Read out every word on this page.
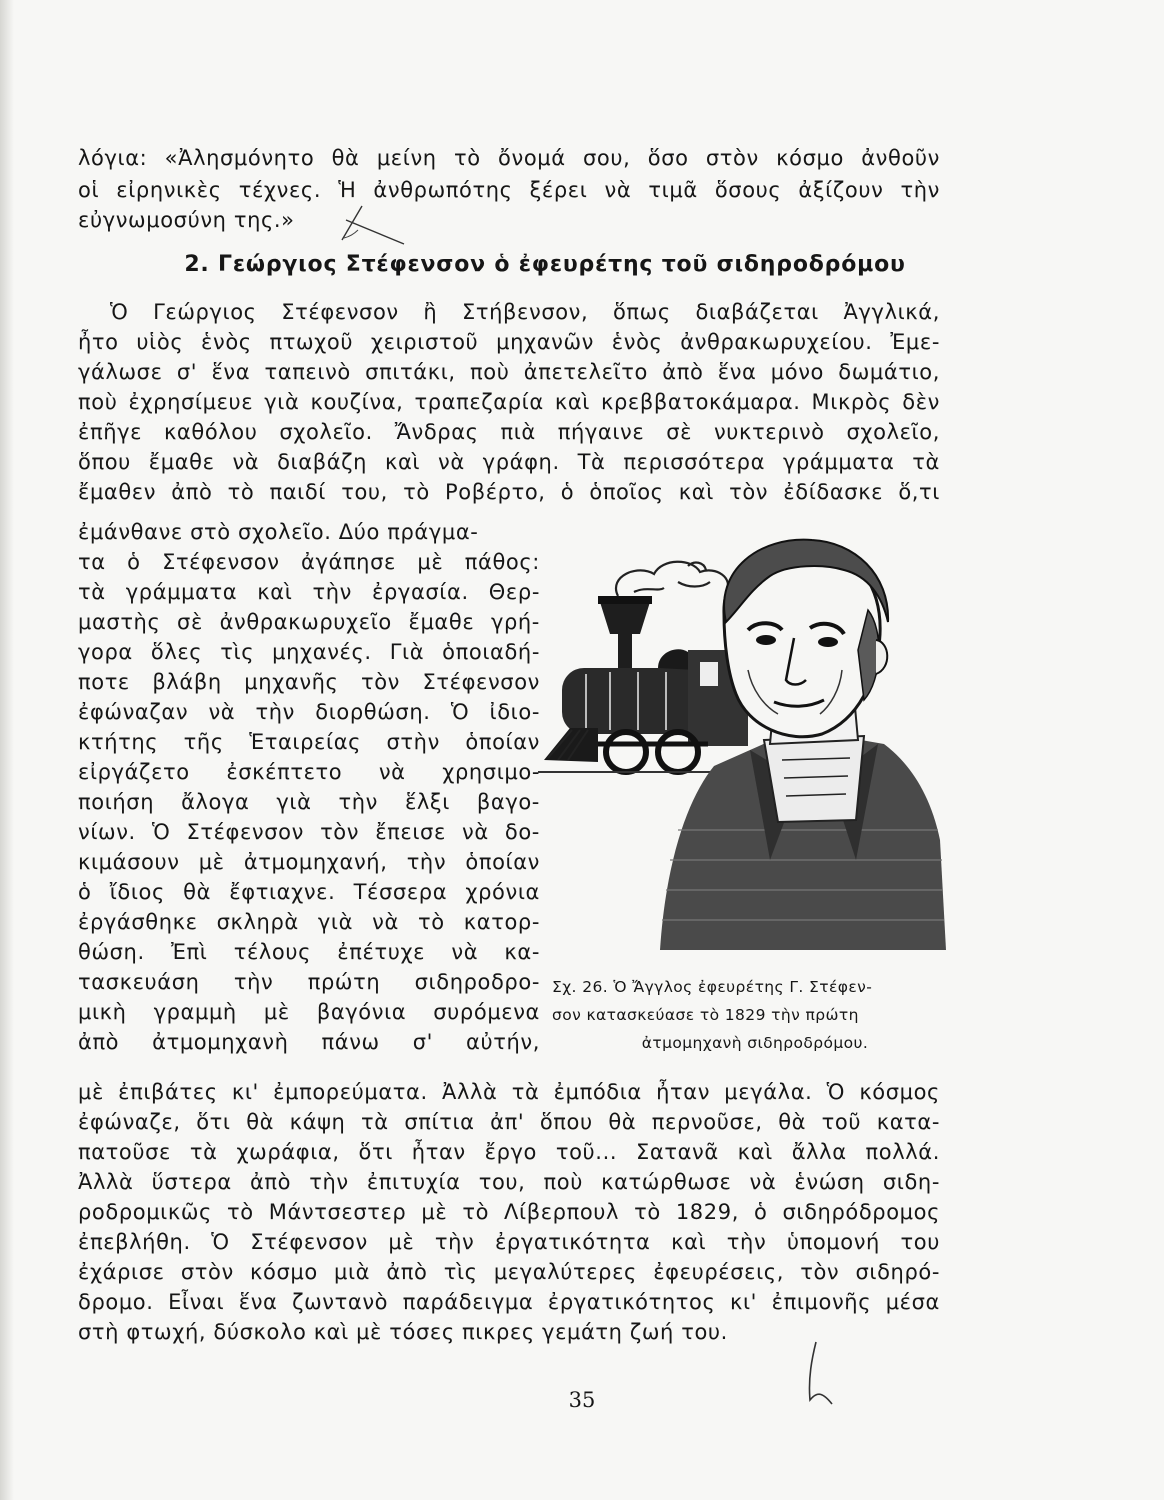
λόγια: «Ἀλησμόνητο θὰ μείνη τὸ ὄνομά σου, ὅσο στὸν κόσμο ἀνθοῦν
οἱ εἰρηνικὲς τέχνες. Ἡ ἀνθρωπότης ξέρει νὰ τιμᾶ ὅσους ἀξίζουν τὴν
εὐγνωμοσύνη της.»
2. Γεώργιος Στέφενσον ὁ ἐφευρέτης τοῦ σιδηροδρόμου
Ὁ Γεώργιος Στέφενσον ἢ Στήβενσον, ὅπως διαβάζεται Ἀγγλικά,
ἦτο υἱὸς ἑνὸς πτωχοῦ χειριστοῦ μηχανῶν ἑνὸς ἀνθρακωρυχείου. Ἐμε-
γάλωσε σ' ἕνα ταπεινὸ σπιτάκι, ποὺ ἀπετελεῖτο ἀπὸ ἕνα μόνο δωμάτιο,
ποὺ ἐχρησίμευε γιὰ κουζίνα, τραπεζαρία καὶ κρεββατοκάμαρα. Μικρὸς δὲν
ἐπῆγε καθόλου σχολεῖο. Ἄνδρας πιὰ πήγαινε σὲ νυκτερινὸ σχολεῖο,
ὅπου ἔμαθε νὰ διαβάζη καὶ νὰ γράφη. Τὰ περισσότερα γράμματα τὰ
ἔμαθεν ἀπὸ τὸ παιδί του, τὸ Ροβέρτο, ὁ ὁποῖος καὶ τὸν ἐδίδασκε ὅ,τι
ἐμάνθανε στὸ σχολεῖο. Δύο πράγμα-
τα ὁ Στέφενσον ἀγάπησε μὲ πάθος:
τὰ γράμματα καὶ τὴν ἐργασία. Θερ-
μαστὴς σὲ ἀνθρακωρυχεῖο ἔμαθε γρή-
γορα ὅλες τὶς μηχανές. Γιὰ ὁποιαδή-
ποτε βλάβη μηχανῆς τὸν Στέφενσον
ἐφώναζαν νὰ τὴν διορθώση. Ὁ ἰδιο-
κτήτης τῆς Ἑταιρείας στὴν ὁποίαν
εἰργάζετο ἐσκέπτετο νὰ χρησιμο-
ποιήση ἄλογα γιὰ τὴν ἕλξι βαγο-
νίων. Ὁ Στέφενσον τὸν ἔπεισε νὰ δο-
κιμάσουν μὲ ἀτμομηχανή, τὴν ὁποίαν
ὁ ἴδιος θὰ ἔφτιαχνε. Τέσσερα χρόνια
ἐργάσθηκε σκληρὰ γιὰ νὰ τὸ κατορ-
θώση. Ἐπὶ τέλους ἐπέτυχε νὰ κα-
τασκευάση τὴν πρώτη σιδηροδρο-
μικὴ γραμμὴ μὲ βαγόνια συρόμενα
ἀπὸ ἀτμομηχανὴ πάνω σ' αὐτήν,
Σχ. 26. Ὁ Ἄγγλος ἐφευρέτης Γ. Στέφεν-
σον κατασκεύασε τὸ 1829 τὴν πρώτη
ἀτμομηχανὴ σιδηροδρόμου.
μὲ ἐπιβάτες κι' ἐμπορεύματα. Ἀλλὰ τὰ ἐμπόδια ἦταν μεγάλα. Ὁ κόσμος
ἐφώναζε, ὅτι θὰ κάψη τὰ σπίτια ἀπ' ὅπου θὰ περνοῦσε, θὰ τοῦ κατα-
πατοῦσε τὰ χωράφια, ὅτι ἦταν ἔργο τοῦ... Σατανᾶ καὶ ἄλλα πολλά.
Ἀλλὰ ὕστερα ἀπὸ τὴν ἐπιτυχία του, ποὺ κατώρθωσε νὰ ἑνώση σιδη-
ροδρομικῶς τὸ Μάντσεστερ μὲ τὸ Λίβερπουλ τὸ 1829, ὁ σιδηρόδρομος
ἐπεβλήθη. Ὁ Στέφενσον μὲ τὴν ἐργατικότητα καὶ τὴν ὑπομονή του
ἐχάρισε στὸν κόσμο μιὰ ἀπὸ τὶς μεγαλύτερες ἐφευρέσεις, τὸν σιδηρό-
δρομο. Εἶναι ἕνα ζωντανὸ παράδειγμα ἐργατικότητος κι' ἐπιμονῆς μέσα
στὴ φτωχή, δύσκολο καὶ μὲ τόσες πικρες γεμάτη ζωή του.
35
